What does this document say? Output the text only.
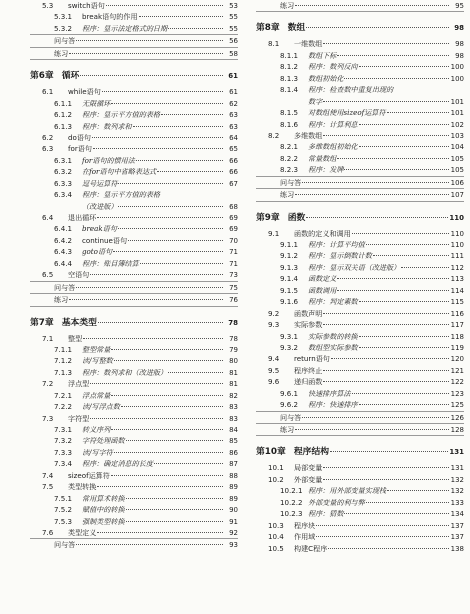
5.3	switch语句	53
5.3.1	break语句的作用	55
5.3.2	程序：显示法定格式的日期	55
问与答	56
练习	58
第6章 循环	61
6.1	while语句	61
6.1.1	无限循环	62
6.1.2	程序：显示平方值的表格	63
6.1.3	程序：数列求和	63
6.2	do语句	64
6.3	for语句	65
6.3.1	for语句的惯用法	66
6.3.2	在for语句中省略表达式	66
6.3.3	逗号运算符	67
6.3.4	程序：显示平方值的表格
（改进版）	68
6.4	退出循环	69
6.4.1	break语句	69
6.4.2	continue语句	70
6.4.3	goto语句	71
6.4.4	程序：账目簿结算	71
6.5	空语句	73
问与答	75
练习	76
第7章 基本类型	78
7.1	整型	78
7.1.1	整型常量	79
7.1.2	读/写整数	80
7.1.3	程序：数列求和（改进版）	81
7.2	浮点型	81
7.2.1	浮点常量	82
7.2.2	读/写浮点数	83
7.3	字符型	83
7.3.1	转义序列	84
7.3.2	字符处理函数	85
7.3.3	读/写字符	86
7.3.4	程序：确定消息的长度	87
7.4	sizeof运算符	88
7.5	类型转换	89
7.5.1	常用算术转换	89
7.5.2	赋值中的转换	90
7.5.3	强制类型转换	91
7.6	类型定义	92
问与答	93
练习	95
第8章 数组	98
8.1	一维数组	98
8.1.1	数组下标	98
8.1.2	程序：数列反向	100
8.1.3	数组初始化	100
8.1.4	程序：检查数中重复出现的
数字	101
8.1.5	对数组使用sizeof运算符	101
8.1.6	程序：计算利息	102
8.2	多维数组	103
8.2.1	多维数组初始化	104
8.2.2	常量数组	105
8.2.3	程序：发牌	105
问与答	106
练习	107
第9章 函数	110
9.1	函数的定义和调用	110
9.1.1	程序：计算平均值	110
9.1.2	程序：显示倒数计数	111
9.1.3	程序：显示双关语（改进版）	112
9.1.4	函数定义	113
9.1.5	函数调用	114
9.1.6	程序：判定素数	115
9.2	函数声明	116
9.3	实际参数	117
9.3.1	实际参数的转换	118
9.3.2	数组型实际参数	119
9.4	return语句	120
9.5	程序终止	121
9.6	递归函数	122
9.6.1	快速排序算法	123
9.6.2	程序：快速排序	125
问与答	126
练习	128
第10章 程序结构	131
10.1	局部变量	131
10.2	外部变量	132
10.2.1 程序：用外部变量实现栈	132
10.2.2 外部变量的利与弊	133
10.2.3 程序：猜数	134
10.3	程序块	137
10.4	作用域	137
10.5	构建C程序	138
